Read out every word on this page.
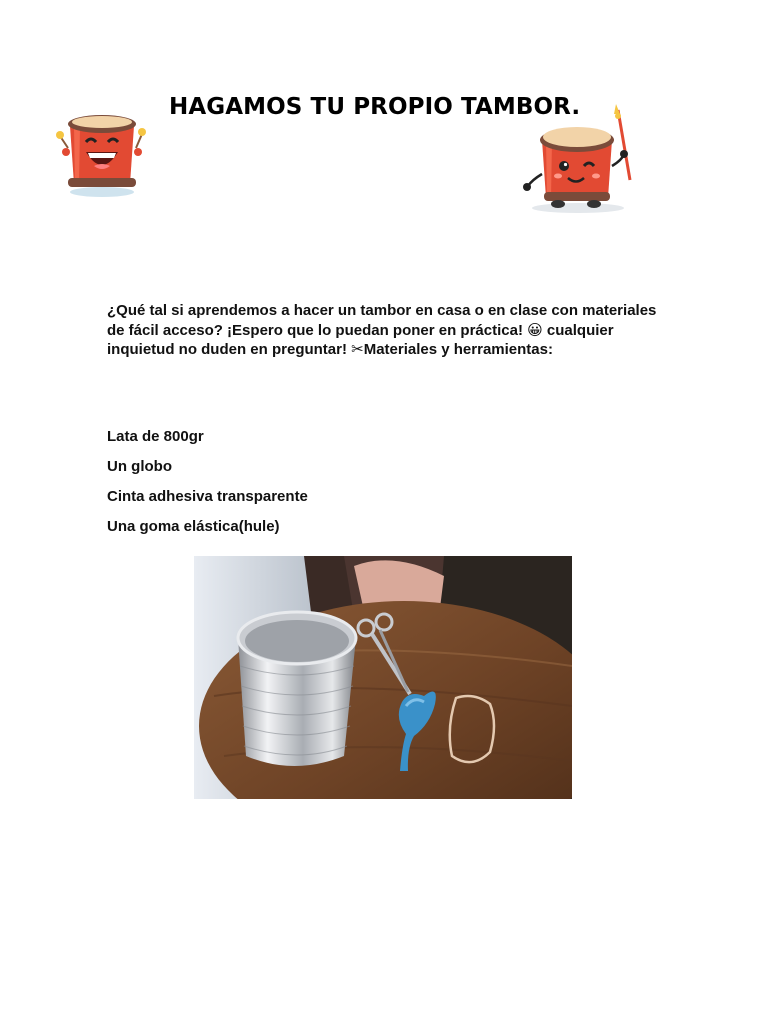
HAGAMOS TU PROPIO TAMBOR.

¿Qué tal si aprendemos a hacer un tambor en casa o en clase con materiales de fácil acceso? ¡Espero que lo puedan poner en práctica! 😀 cualquier inquietud no duden en preguntar! ✂Materiales y herramientas:

Lata de 800gr
Un globo
Cinta adhesiva transparente
Una goma elástica(hule)
